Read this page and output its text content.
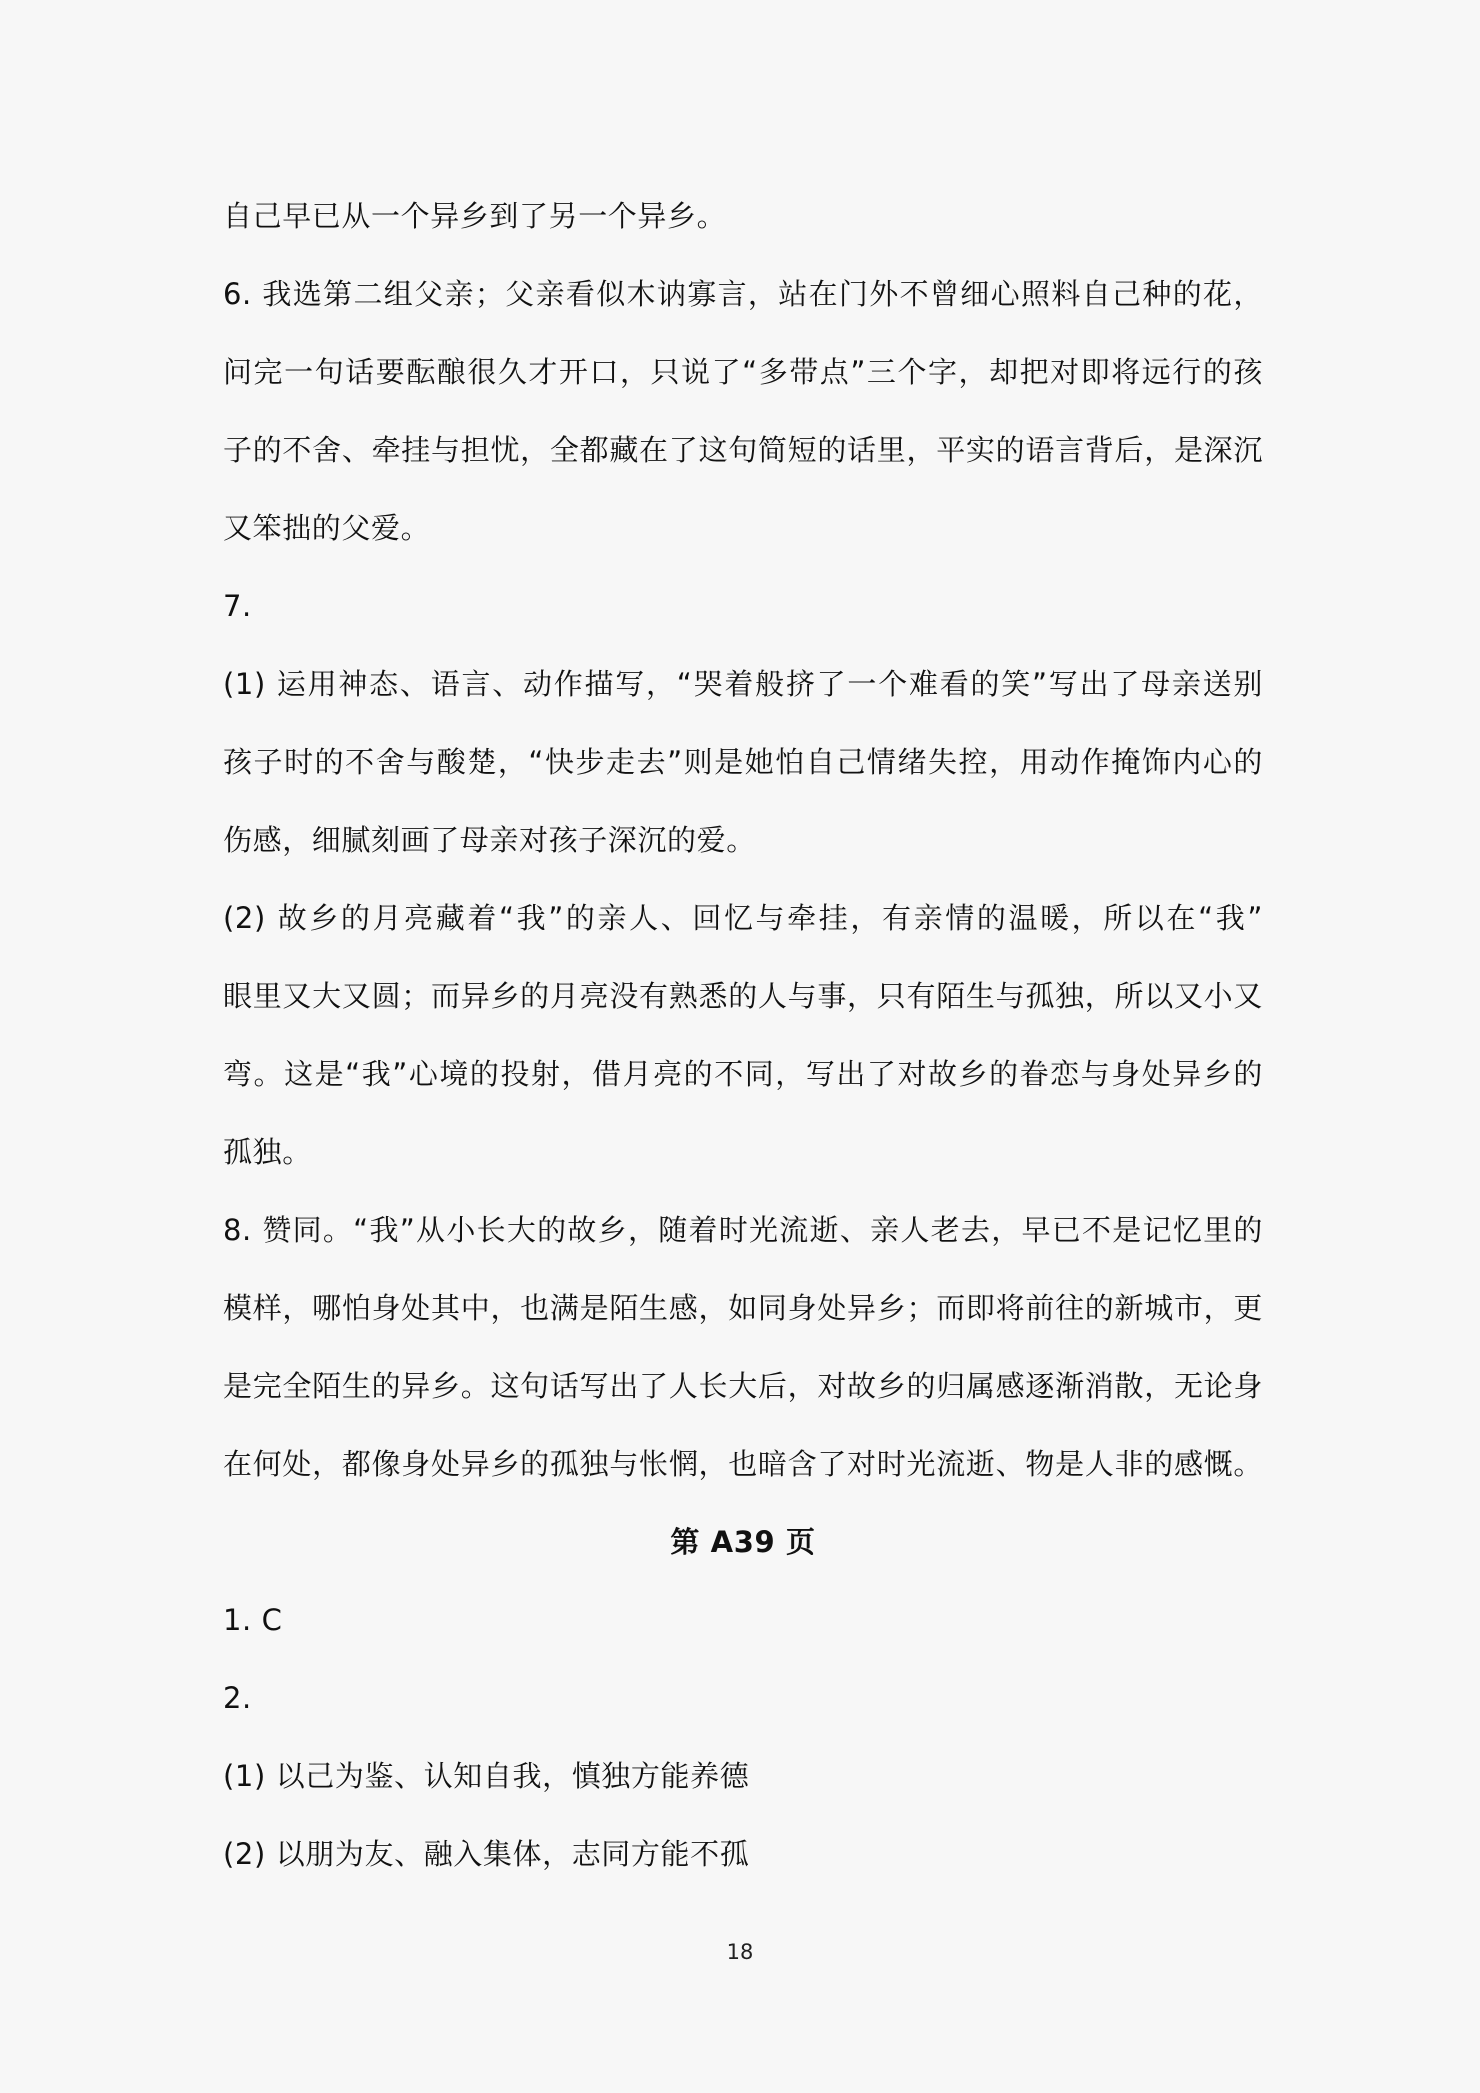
自己早已从一个异乡到了另一个异乡。
6. 我选第二组父亲；父亲看似木讷寡言，站在门外不曾细心照料自己种的花，
问完一句话要酝酿很久才开口，只说了“多带点”三个字，却把对即将远行的孩
子的不舍、牵挂与担忧，全都藏在了这句简短的话里，平实的语言背后，是深沉
又笨拙的父爱。
7.
(1) 运用神态、语言、动作描写，“哭着般挤了一个难看的笑”写出了母亲送别
孩子时的不舍与酸楚，“快步走去”则是她怕自己情绪失控，用动作掩饰内心的
伤感，细腻刻画了母亲对孩子深沉的爱。
(2) 故乡的月亮藏着“我”的亲人、回忆与牵挂，有亲情的温暖，所以在“我”
眼里又大又圆；而异乡的月亮没有熟悉的人与事，只有陌生与孤独，所以又小又
弯。这是“我”心境的投射，借月亮的不同，写出了对故乡的眷恋与身处异乡的
孤独。
8. 赞同。“我”从小长大的故乡，随着时光流逝、亲人老去，早已不是记忆里的
模样，哪怕身处其中，也满是陌生感，如同身处异乡；而即将前往的新城市，更
是完全陌生的异乡。这句话写出了人长大后，对故乡的归属感逐渐消散，无论身
在何处，都像身处异乡的孤独与怅惘，也暗含了对时光流逝、物是人非的感慨。
第 A39 页
1. C
2.
(1) 以己为鉴、认知自我，慎独方能养德
(2) 以朋为友、融入集体，志同方能不孤
18
